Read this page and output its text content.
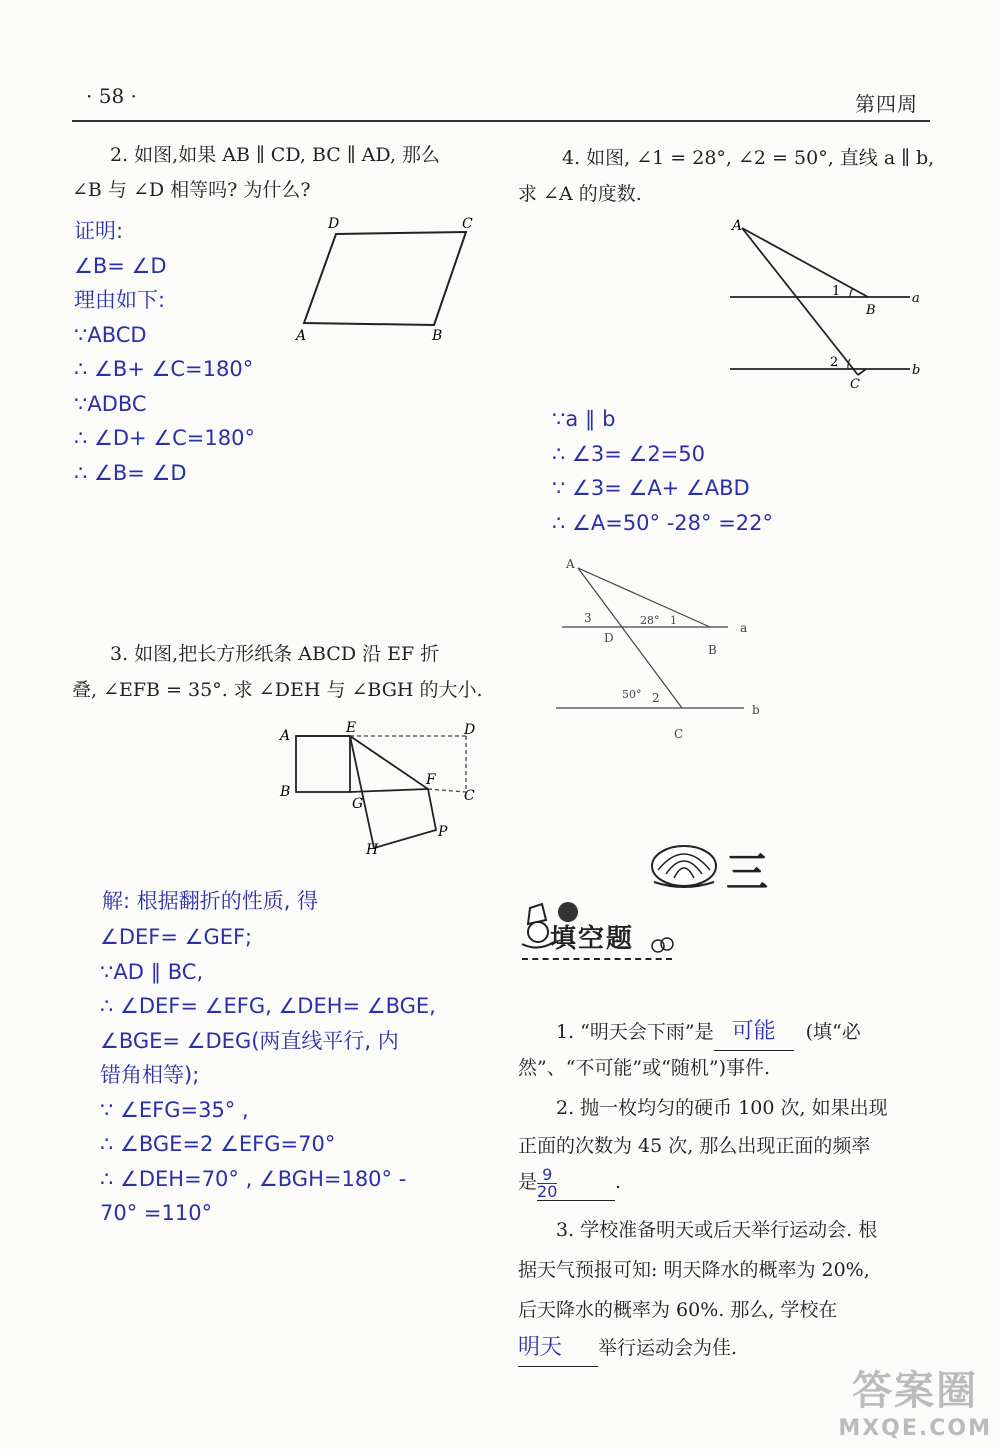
· 58 ·	第四周
2. 如图,如果 AB ∥ CD, BC ∥ AD, 那么
∠B 与 ∠D 相等吗? 为什么?
D	C
A	B
证明:
∠B= ∠D
理由如下:
∵ABCD
∴ ∠B+ ∠C=180°
∵ADBC
∴ ∠D+ ∠C=180°
∴ ∠B= ∠D
3. 如图,把长方形纸条 ABCD 沿 EF 折
叠, ∠EFB = 35°. 求 ∠DEH 与 ∠BGH 的大小.
A	E	D
B
G
F
C
H
P
解: 根据翻折的性质, 得
∠DEF= ∠GEF;
∵AD ∥ BC,
∴ ∠DEF= ∠EFG, ∠DEH= ∠BGE,
∠BGE= ∠DEG(两直线平行, 内
错角相等);
∵ ∠EFG=35° ,
∴ ∠BGE=2 ∠EFG=70°
∴ ∠DEH=70° , ∠BGH=180° -
70° =110°
4. 如图, ∠1 = 28°, ∠2 = 50°, 直线 a ∥ b,
求 ∠A 的度数.
A
1
B
a
2
C
b
∵a ∥ b
∴ ∠3= ∠2=50
∵ ∠3= ∠A+ ∠ABD
∴ ∠A=50° -28° =22°
A
3	28° 1
a
D
B
50° 2
b
C
三
填空题
1. “明天会下雨”是 可能 (填“必
然”、“不可能”或“随机”)事件.
2. 抛一枚均匀的硬币 100 次, 如果出现
正面的次数为 45 次, 那么出现正面的频率
是 $\frac{9}{20}$	.
3. 学校准备明天或后天举行运动会. 根
据天气预报可知: 明天降水的概率为 20%,
后天降水的概率为 60%. 那么, 学校在
明天 举行运动会为佳.
答案圈
MXQE.COM
